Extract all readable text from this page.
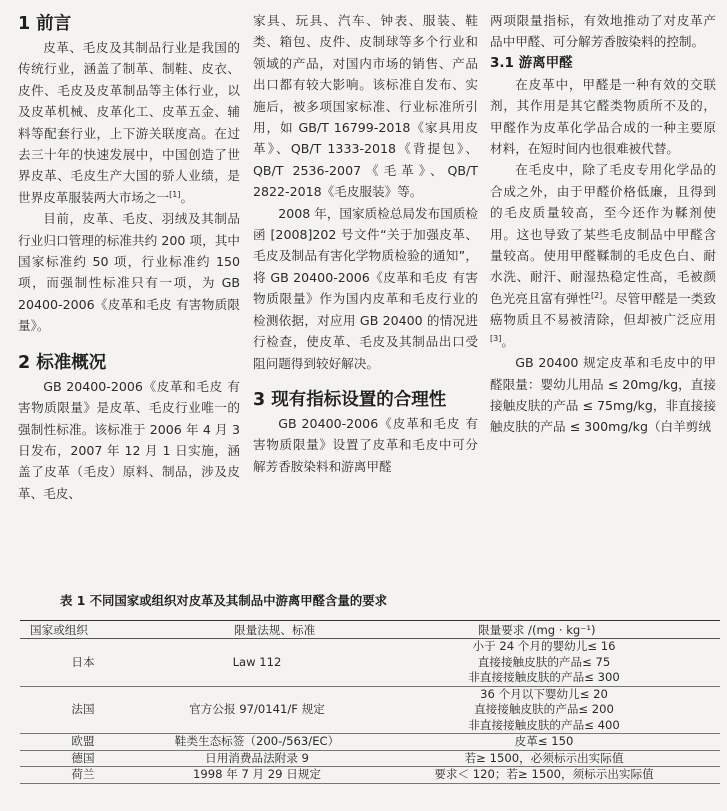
1 前言

皮革、毛皮及其制品行业是我国的传统行业，涵盖了制革、制鞋、皮衣、皮件、毛皮及皮革制品等主体行业，以及皮革机械、皮革化工、皮革五金、辅料等配套行业，上下游关联度高。在过去三十年的快速发展中，中国创造了世界皮革、毛皮生产大国的骄人业绩，是世界皮革服装两大市场之一[1]。

目前，皮革、毛皮、羽绒及其制品行业归口管理的标准共约 200 项，其中国家标准约 50 项，行业标准约 150 项，而强制性标准只有一项，为 GB 20400-2006《皮革和毛皮 有害物质限量》。

2 标准概况

GB 20400-2006《皮革和毛皮 有害物质限量》是皮革、毛皮行业唯一的强制性标准。该标准于 2006 年 4 月 3 日发布，2007 年 12 月 1 日实施，涵盖了皮革（毛皮）原料、制品，涉及皮革、毛皮、

家具、玩具、汽车、钟表、服装、鞋类、箱包、皮件、皮制球等多个行业和领域的产品，对国内市场的销售、产品出口都有较大影响。该标准自发布、实施后，被多项国家标准、行业标准所引用，如 GB/T 16799-2018《家具用皮革》、QB/T 1333-2018《背提包》、QB/T 2536-2007《毛革》、QB/T 2822-2018《毛皮服装》等。

2008 年，国家质检总局发布国质检函 [2008]202 号文件“关于加强皮革、毛皮及制品有害化学物质检验的通知”，将 GB 20400-2006《皮革和毛皮 有害物质限量》作为国内皮革和毛皮行业的检测依据，对应用 GB 20400 的情况进行检查，使皮革、毛皮及其制品出口受阻问题得到较好解决。

3 现有指标设置的合理性

GB 20400-2006《皮革和毛皮 有害物质限量》设置了皮革和毛皮中可分解芳香胺染料和游离甲醛

两项限量指标，有效地推动了对皮革产品中甲醛、可分解芳香胺染料的控制。

3.1 游离甲醛

在皮革中，甲醛是一种有效的交联剂，其作用是其它醛类物质所不及的，甲醛作为皮革化学品合成的一种主要原材料，在短时间内也很难被代替。

在毛皮中，除了毛皮专用化学品的合成之外，由于甲醛价格低廉，且得到的毛皮质量较高，至今还作为鞣剂使用。这也导致了某些毛皮制品中甲醛含量较高。使用甲醛鞣制的毛皮色白、耐水洗、耐汗、耐湿热稳定性高，毛被颜色光亮且富有弹性[2]。尽管甲醛是一类致癌物质且不易被清除，但却被广泛应用[3]。

GB 20400 规定皮革和毛皮中的甲醛限量：婴幼儿用品 ≤ 20mg/kg，直接接触皮肤的产品 ≤ 75mg/kg，非直接接触皮肤的产品 ≤ 300mg/kg（白羊剪绒

表 1 不同国家或组织对皮革及其制品中游离甲醛含量的要求
国家或组织	限量法规、标准	限量要求 /(mg · kg⁻¹)
日本	Law 112	小于 24 个月的婴幼儿≤ 16
直接接触皮肤的产品≤ 75
非直接接触皮肤的产品≤ 300

法国	官方公报 97/0141/F 规定	36 个月以下婴幼儿≤ 20
直接接触皮肤的产品≤ 200
非直接接触皮肤的产品≤ 400

欧盟	鞋类生态标签（200-/563/EC）	皮革≤ 150
德国	日用消费品法附录 9	若≥ 1500，必须标示出实际值
荷兰	1998 年 7 月 29 日规定	要求＜ 120；若≥ 1500，须标示出实际值
